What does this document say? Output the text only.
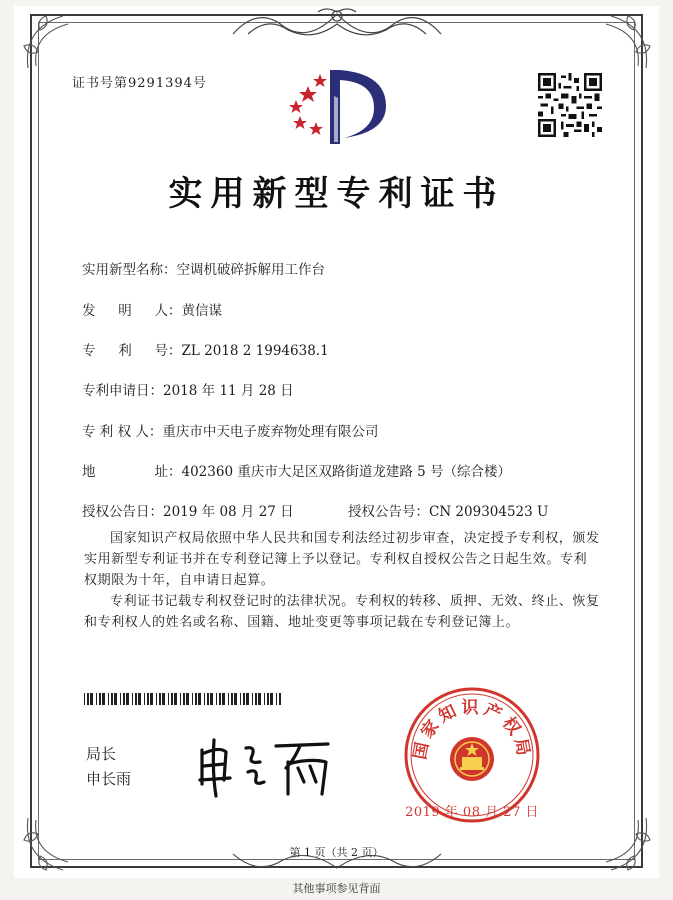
证书号第9291394号
实用新型专利证书
实用新型名称：空调机破碎拆解用工作台
发 明 人 ：黄信谋
专 利 号 ：ZL 2018 2 1994638.1
专利申请日：2018 年 11 月 28 日
专 利 权 人：重庆市中天电子废弃物处理有限公司
地	址 ：402360 重庆市大足区双路街道龙建路 5 号（综合楼）
授权公告日：2019 年 08 月 27 日	授权公告号：CN 209304523 U

国家知识产权局依照中华人民共和国专利法经过初步审查，决定授予专利权，颁发实用新型专利证书并在专利登记簿上予以登记。专利权自授权公告之日起生效。专利权期限为十年，自申请日起算。

专利证书记载专利权登记时的法律状况。专利权的转移、质押、无效、终止、恢复和专利权人的姓名或名称、国籍、地址变更等事项记载在专利登记簿上。

局长
申长雨
国家知识产权局
2019 年 08 月 27 日
第 1 页（共 2 页）
其他事项参见背面
